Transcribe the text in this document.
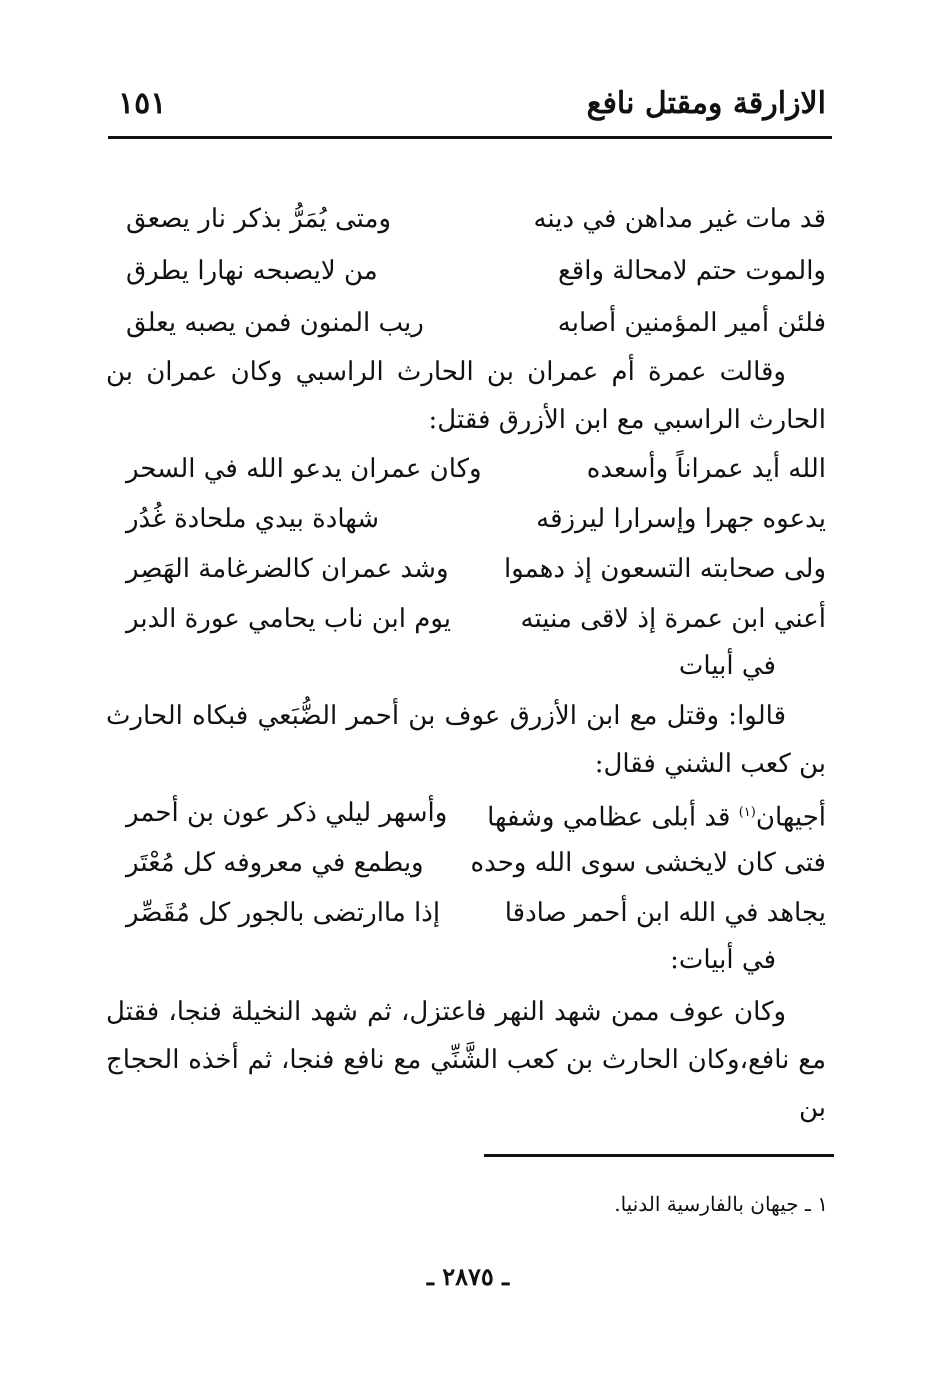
الازارقة ومقتل نافع
١٥١
قد مات غير مداهن في دينه
ومتى يُمَرُّ بذكر نار يصعق
والموت حتم لامحالة واقع
من لايصبحه نهارا يطرق
فلئن أمير المؤمنين أصابه
ريب المنون فمن يصبه يعلق
وقالت عمرة أم عمران بن الحارث الراسبي وكان عمران بن الحارث الراسبي مع ابن الأزرق فقتل:
الله أيد عمراناً وأسعده
وكان عمران يدعو الله في السحر
يدعوه جهرا وإسرارا ليرزقه
شهادة بيدي ملحادة غُدُر
ولى صحابته التسعون إذ دهموا
وشد عمران كالضرغامة الهَصِر
أعني ابن عمرة إذ لاقى منيته
يوم ابن ناب يحامي عورة الدبر
في أبيات
قالوا: وقتل مع ابن الأزرق عوف بن أحمر الضُّبَعي فبكاه الحارث بن كعب الشني فقال:
أجيهان$^{(١)}$ قد أبلى عظامي وشفها
وأسهر ليلي ذكر عون بن أحمر
فتى كان لايخشى سوى الله وحده
ويطمع في معروفه كل مُعْتَر
يجاهد في الله ابن أحمر صادقا
إذا ماارتضى بالجور كل مُقَصِّر
في أبيات:
وكان عوف ممن شهد النهر فاعتزل، ثم شهد النخيلة فنجا، فقتل مع نافع،وكان الحارث بن كعب الشَّنِّي مع نافع فنجا، ثم أخذه الحجاج بن
١ ـ جيهان بالفارسية الدنيا.
ـ ٢٨٧٥ ـ
